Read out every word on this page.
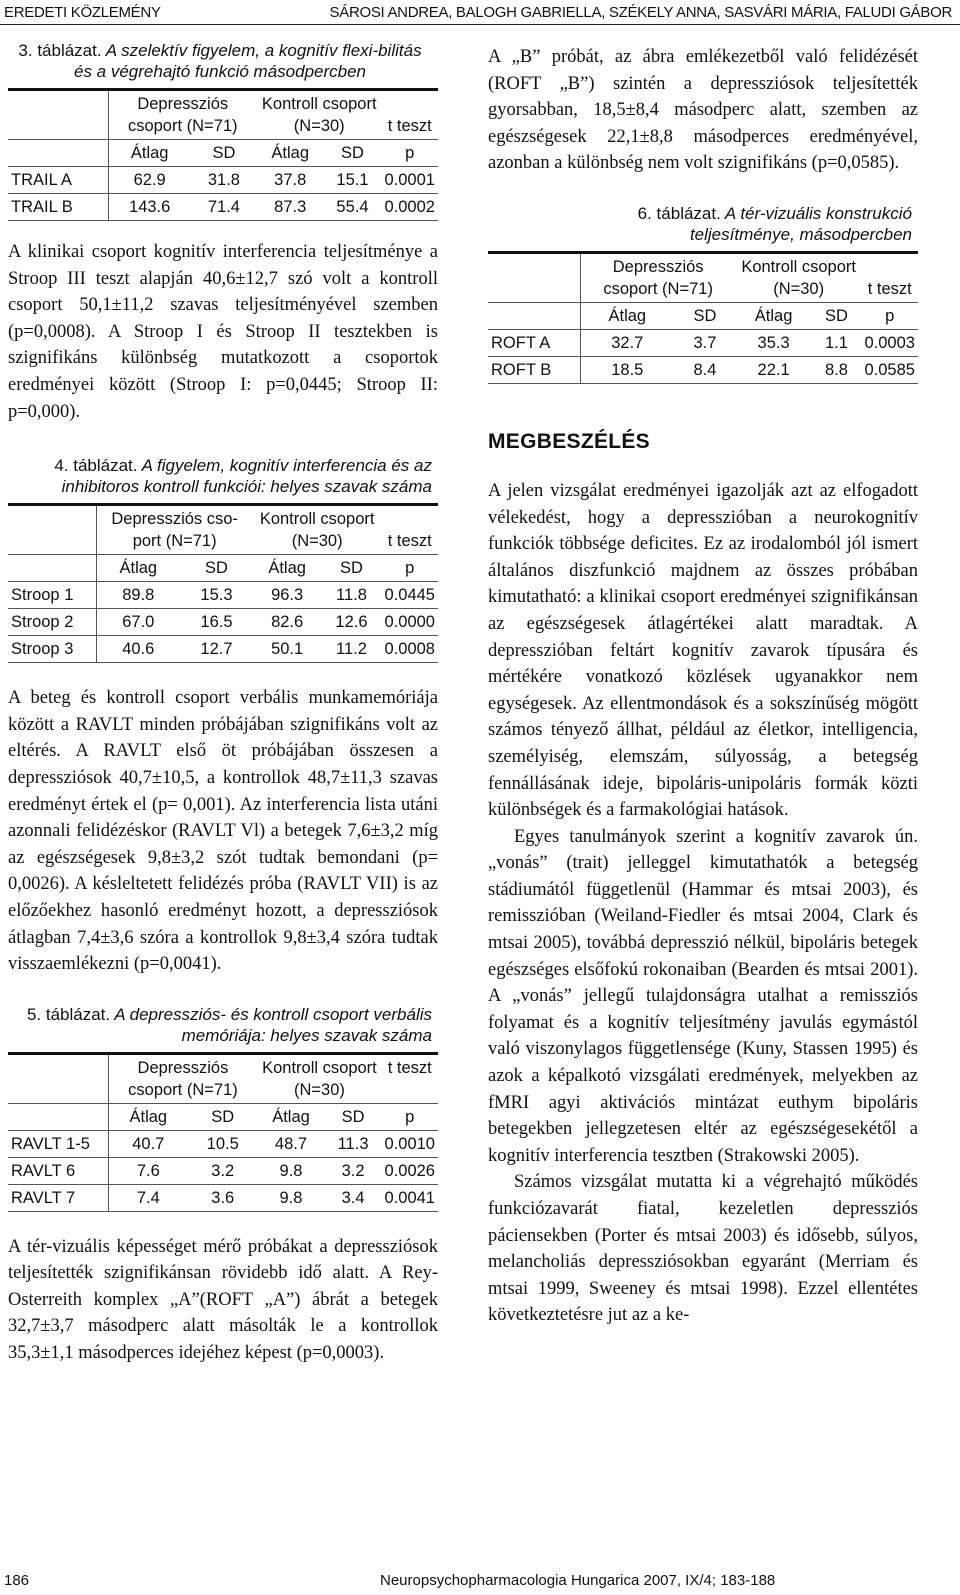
EREDETI KÖZLEMÉNY	SÁROSI ANDREA, BALOGH GABRIELLA, SZÉKELY ANNA, SASVÁRI MÁRIA, FALUDI GÁBOR
3. táblázat. A szelektív figyelem, a kognitív flexi-bilitás és a végrehajtó funkció másodpercben
	Depressziós csoport (N=71)		Kontroll csoport (N=30)		t teszt
	Átlag	SD	Átlag	SD	p
TRAIL A	62.9	31.8	37.8	15.1	0.0001
TRAIL B	143.6	71.4	87.3	55.4	0.0002

A klinikai csoport kognitív interferencia teljesítménye a Stroop III teszt alapján 40,6±12,7 szó volt a kontroll csoport 50,1±11,2 szavas teljesítményével szemben (p=0,0008). A Stroop I és Stroop II tesztekben is szignifikáns különbség mutatkozott a csoportok eredményei között (Stroop I: p=0,0445; Stroop II: p=0,000).

4. táblázat. A figyelem, kognitív interferencia és az inhibitoros kontroll funkciói: helyes szavak száma
	Depressziós cso-port (N=71)		Kontroll csoport (N=30)		t teszt
	Átlag	SD	Átlag	SD	p
Stroop 1	89.8	15.3	96.3	11.8	0.0445
Stroop 2	67.0	16.5	82.6	12.6	0.0000
Stroop 3	40.6	12.7	50.1	11.2	0.0008

A beteg és kontroll csoport verbális munkamemóriája között a RAVLT minden próbájában szignifikáns volt az eltérés. A RAVLT első öt próbájában összesen a depressziósok 40,7±10,5, a kontrollok 48,7±11,3 szavas eredményt értek el (p= 0,001). Az interferencia lista utáni azonnali felidézéskor (RAVLT Vl) a betegek 7,6±3,2 míg az egészségesek 9,8±3,2 szót tudtak bemondani (p= 0,0026). A késleltetett felidézés próba (RAVLT VII) is az előzőekhez hasonló eredményt hozott, a depressziósok átlagban 7,4±3,6 szóra a kontrollok 9,8±3,4 szóra tudtak visszaemlékezni (p=0,0041).

5. táblázat. A depressziós- és kontroll csoport verbális memóriája: helyes szavak száma
	Depressziós csoport (N=71)		Kontroll csoport (N=30)		t teszt
	Átlag	SD	Átlag	SD	p
RAVLT 1-5	40.7	10.5	48.7	11.3	0.0010
RAVLT 6	7.6	3.2	9.8	3.2	0.0026
RAVLT 7	7.4	3.6	9.8	3.4	0.0041

A tér-vizuális képességet mérő próbákat a depressziósok teljesítették szignifikánsan rövidebb idő alatt. A Rey-Osterreith komplex „A”(ROFT „A”) ábrát a betegek 32,7±3,7 másodperc alatt másolták le a kontrollok 35,3±1,1 másodperces idejéhez képest (p=0,0003).

A „B” próbát, az ábra emlékezetből való felidézését (ROFT „B”) szintén a depressziósok teljesítették gyorsabban, 18,5±8,4 másodperc alatt, szemben az egészségesek 22,1±8,8 másodperces eredményével, azonban a különbség nem volt szignifikáns (p=0,0585).

6. táblázat. A tér-vizuális konstrukció teljesítménye, másodpercben
	Depressziós csoport (N=71)		Kontroll csoport (N=30)		t teszt
	Átlag	SD	Átlag	SD	p
ROFT A	32.7	3.7	35.3	1.1	0.0003
ROFT B	18.5	8.4	22.1	8.8	0.0585
MEGBESZÉLÉS

A jelen vizsgálat eredményei igazolják azt az elfogadott vélekedést, hogy a depresszióban a neurokognitív funkciók többsége deficites. Ez az irodalomból jól ismert általános diszfunkció majdnem az összes próbában kimutatható: a klinikai csoport eredményei szignifikánsan az egészségesek átlagértékei alatt maradtak. A depresszióban feltárt kognitív zavarok típusára és mértékére vonatkozó közlések ugyanakkor nem egységesek. Az ellentmondások és a sokszínűség mögött számos tényező állhat, például az életkor, intelligencia, személyiség, elemszám, súlyosság, a betegség fennállásának ideje, bipoláris-unipoláris formák közti különbségek és a farmakológiai hatások.

Egyes tanulmányok szerint a kognitív zavarok ún. „vonás” (trait) jelleggel kimutathatók a betegség stádiumától függetlenül (Hammar és mtsai 2003), és remisszióban (Weiland-Fiedler és mtsai 2004, Clark és mtsai 2005), továbbá depresszió nélkül, bipoláris betegek egészséges elsőfokú rokonaiban (Bearden és mtsai 2001). A „vonás” jellegű tulajdonságra utalhat a remissziós folyamat és a kognitív teljesítmény javulás egymástól való viszonylagos függetlensége (Kuny, Stassen 1995) és azok a képalkotó vizsgálati eredmények, melyekben az fMRI agyi aktivációs mintázat euthym bipoláris betegekben jellegzetesen eltér az egészségesekétől a kognitív interferencia tesztben (Strakowski 2005).

Számos vizsgálat mutatta ki a végrehajtó működés funkciózavarát fiatal, kezeletlen depressziós páciensekben (Porter és mtsai 2003) és idősebb, súlyos, melancholiás depressziósokban egyaránt (Merriam és mtsai 1999, Sweeney és mtsai 1998). Ezzel ellentétes következtetésre jut az a ke-

186	Neuropsychopharmacologia Hungarica 2007, IX/4; 183-188
